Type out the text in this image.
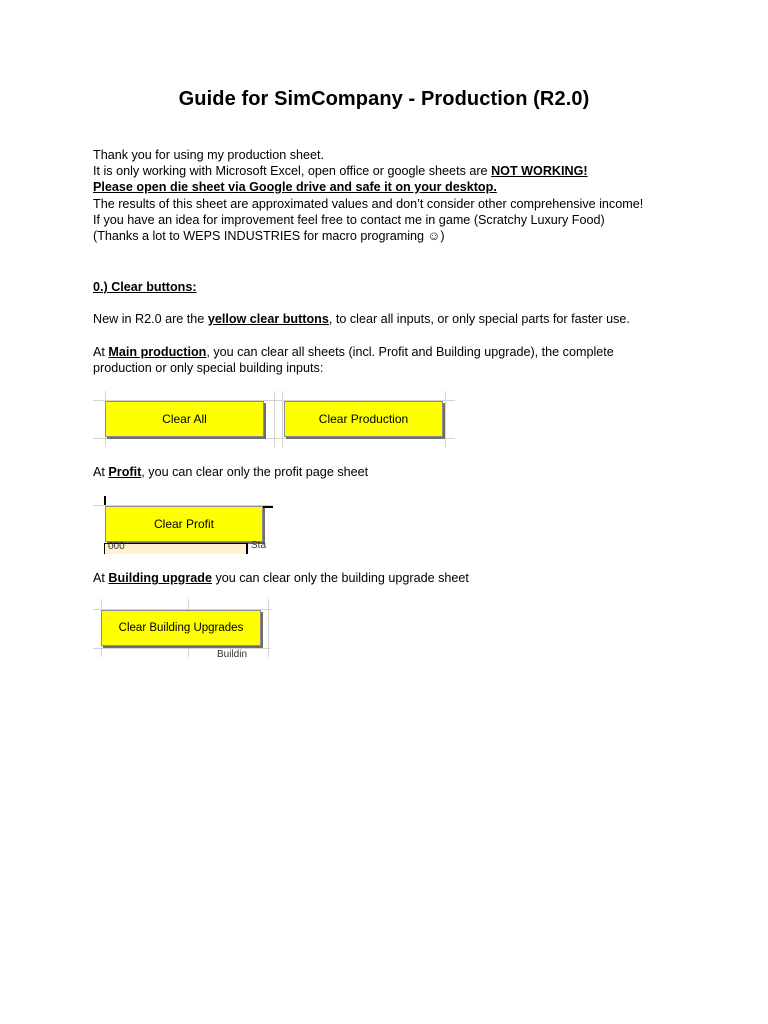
Guide for SimCompany - Production (R2.0)
Thank you for using my production sheet.
It is only working with Microsoft Excel, open office or google sheets are NOT WORKING!
Please open die sheet via Google drive and safe it on your desktop.
The results of this sheet are approximated values and don’t consider other comprehensive income!
If you have an idea for improvement feel free to contact me in game (Scratchy Luxury Food)
(Thanks a lot to WEPS INDUSTRIES for macro programing ☺)
0.) Clear buttons:
New in R2.0 are the yellow clear buttons, to clear all inputs, or only special parts for faster use.
At Main production, you can clear all sheets (incl. Profit and Building upgrade), the complete
production or only special building inputs:
Clear All	Clear Production
At Profit, you can clear only the profit page sheet
Clear Profit
000	Sta
At Building upgrade you can clear only the building upgrade sheet
Clear Building Upgrades
Buildin
